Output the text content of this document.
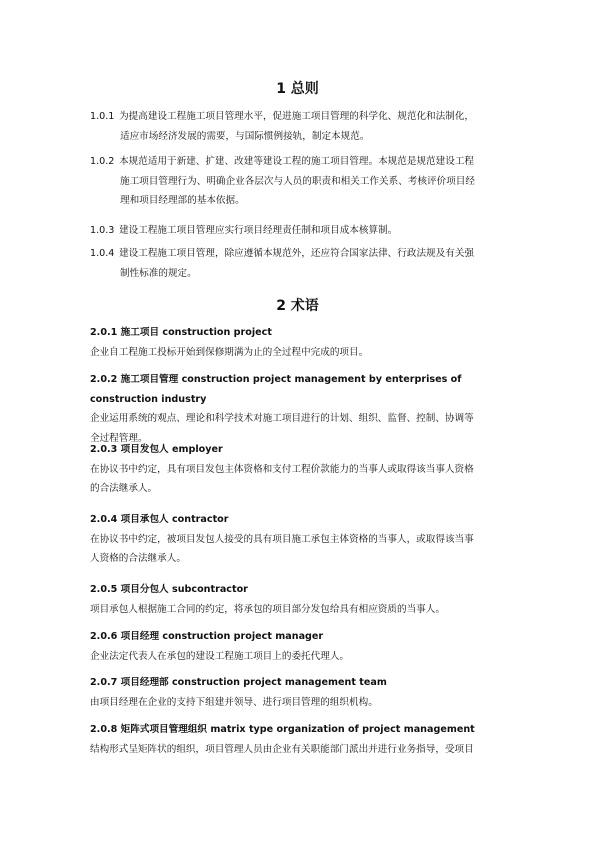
1 总则
1.0.1 为提高建设工程施工项目管理水平，促进施工项目管理的科学化、规范化和法制化，
适应市场经济发展的需要，与国际惯例接轨，制定本规范。
1.0.2 本规范适用于新建、扩建、改建等建设工程的施工项目管理。本规范是规范建设工程
施工项目管理行为、明确企业各层次与人员的职责和相关工作关系、考核评价项目经
理和项目经理部的基本依据。
1.0.3 建设工程施工项目管理应实行项目经理责任制和项目成本核算制。
1.0.4 建设工程施工项目管理，除应遵循本规范外，还应符合国家法律、行政法规及有关强
制性标准的规定。
2 术语
2.0.1 施工项目 construction project
企业自工程施工投标开始到保修期满为止的全过程中完成的项目。
2.0.2 施工项目管理 construction project management by enterprises of construction industry
企业运用系统的观点、理论和科学技术对施工项目进行的计划、组织、监督、控制、协调等
全过程管理。
2.0.3 项目发包人 employer
在协议书中约定，具有项目发包主体资格和支付工程价款能力的当事人或取得该当事人资格
的合法继承人。
2.0.4 项目承包人 contractor
在协议书中约定，被项目发包人接受的具有项目施工承包主体资格的当事人，或取得该当事
人资格的合法继承人。
2.0.5 项目分包人 subcontractor
项目承包人根据施工合同的约定，将承包的项目部分发包给具有相应资质的当事人。
2.0.6 项目经理 construction project manager
企业法定代表人在承包的建设工程施工项目上的委托代理人。
2.0.7 项目经理部 construction project management team
由项目经理在企业的支持下组建并领导、进行项目管理的组织机构。
2.0.8 矩阵式项目管理组织 matrix type organization of project management
结构形式呈矩阵状的组织，项目管理人员由企业有关职能部门派出并进行业务指导，受项目
